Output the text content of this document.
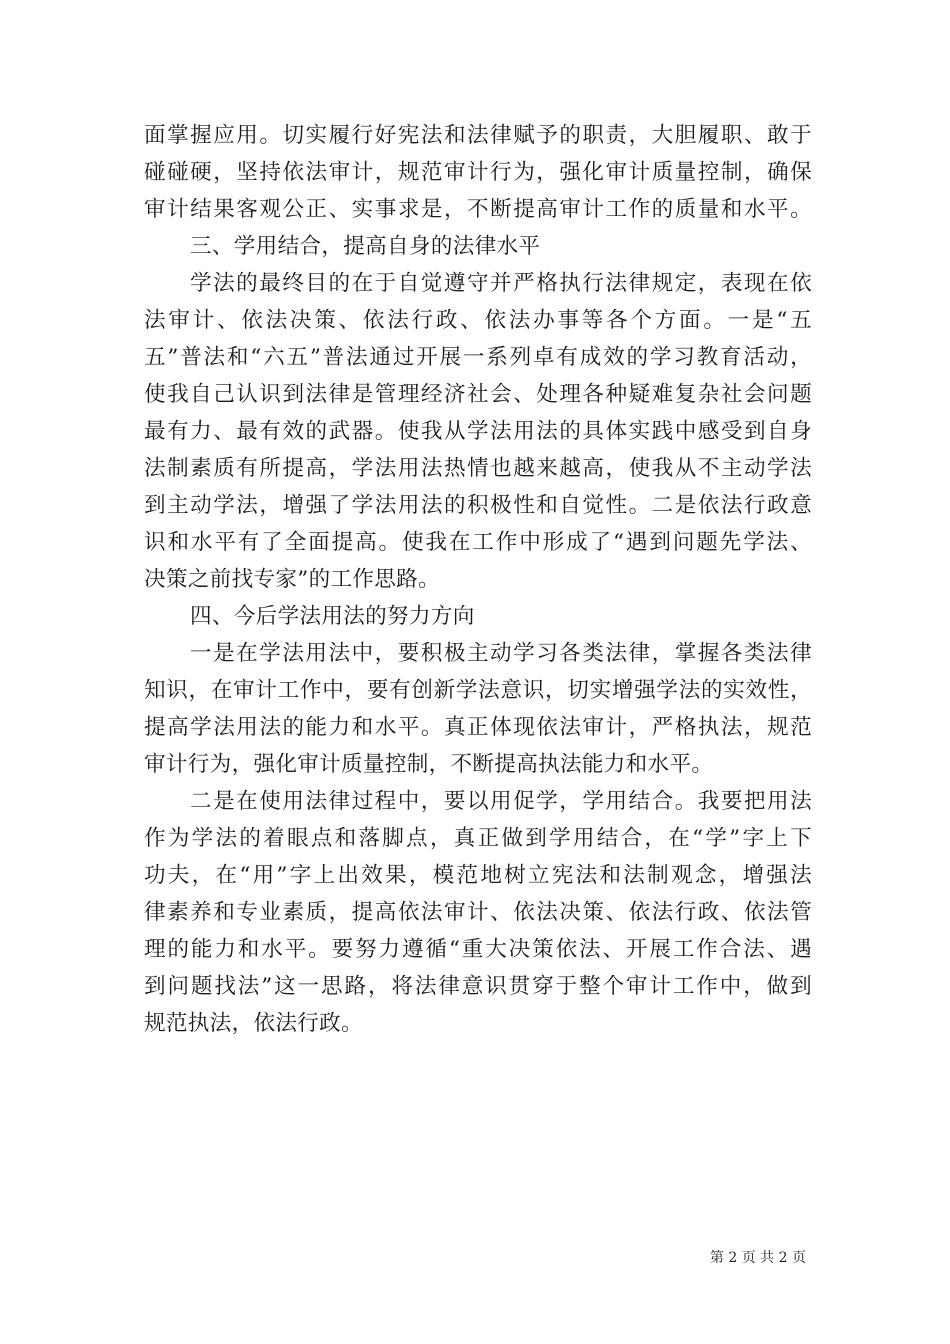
面掌握应用。切实履行好宪法和法律赋予的职责，大胆履职、敢于
碰碰硬，坚持依法审计，规范审计行为，强化审计质量控制，确保
审计结果客观公正、实事求是，不断提高审计工作的质量和水平。
三、学用结合，提高自身的法律水平
学法的最终目的在于自觉遵守并严格执行法律规定，表现在依
法审计、依法决策、依法行政、依法办事等各个方面。一是“五
五”普法和“六五”普法通过开展一系列卓有成效的学习教育活动，
使我自己认识到法律是管理经济社会、处理各种疑难复杂社会问题
最有力、最有效的武器。使我从学法用法的具体实践中感受到自身
法制素质有所提高，学法用法热情也越来越高，使我从不主动学法
到主动学法，增强了学法用法的积极性和自觉性。二是依法行政意
识和水平有了全面提高。使我在工作中形成了“遇到问题先学法、
决策之前找专家”的工作思路。
四、今后学法用法的努力方向
一是在学法用法中，要积极主动学习各类法律，掌握各类法律
知识，在审计工作中，要有创新学法意识，切实增强学法的实效性，
提高学法用法的能力和水平。真正体现依法审计，严格执法，规范
审计行为，强化审计质量控制，不断提高执法能力和水平。
二是在使用法律过程中，要以用促学，学用结合。我要把用法
作为学法的着眼点和落脚点，真正做到学用结合，在“学”字上下
功夫，在“用”字上出效果，模范地树立宪法和法制观念，增强法
律素养和专业素质，提高依法审计、依法决策、依法行政、依法管
理的能力和水平。要努力遵循“重大决策依法、开展工作合法、遇
到问题找法”这一思路，将法律意识贯穿于整个审计工作中，做到
规范执法，依法行政。
第 2 页 共 2 页
